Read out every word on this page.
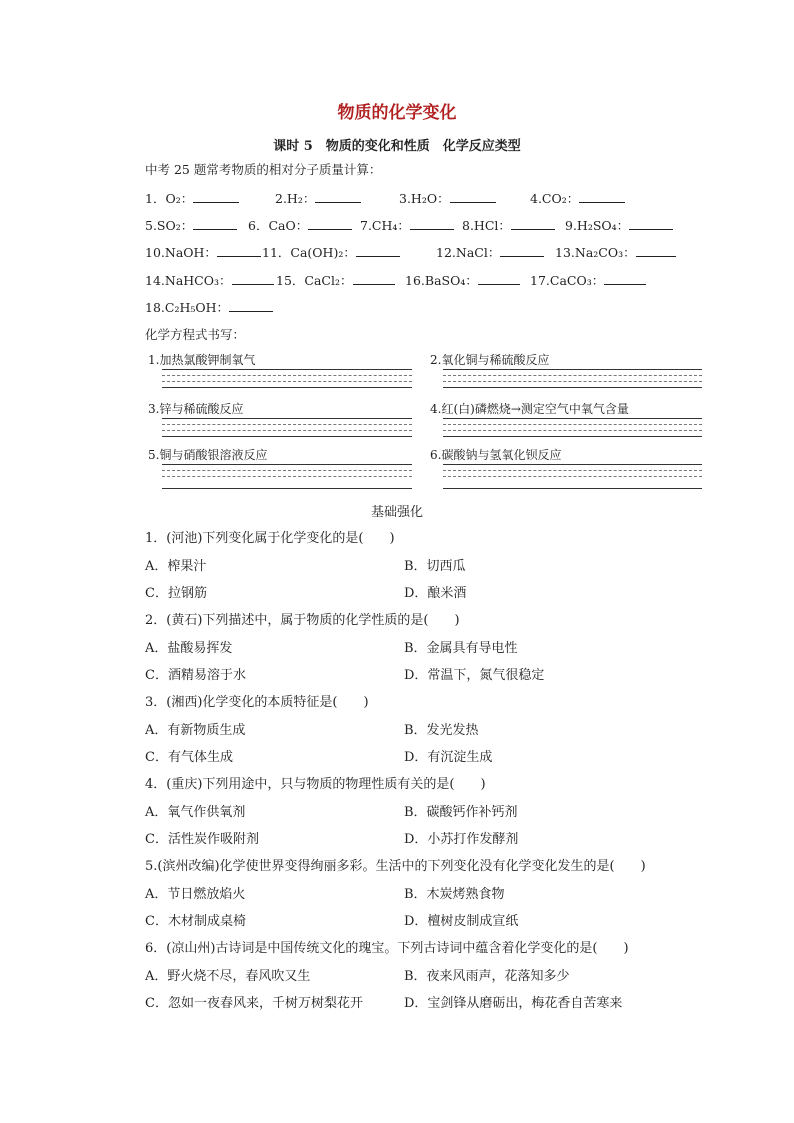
物质的化学变化
课时 5　物质的变化和性质　化学反应类型
中考 25 题常考物质的相对分子质量计算：
1．O₂：	2.H₂：	3.H₂O：	4.CO₂：
5.SO₂：	6．CaO：	7.CH₄：	8.HCl：	9.H₂SO₄：
10.NaOH：	11．Ca(OH)₂：	12.NaCl：	13.Na₂CO₃：
14.NaHCO₃：	15．CaCl₂：	16.BaSO₄：	17.CaCO₃：
18.C₂H₅OH：
化学方程式书写：
1.加热氯酸钾制氧气	2.氧化铜与稀硫酸反应
3.锌与稀硫酸反应	4.红(白)磷燃烧→测定空气中氧气含量
5.铜与硝酸银溶液反应	6.碳酸钠与氢氧化钡反应
基础强化
1．(河池)下列变化属于化学变化的是(　　)
A．榨果汁	B．切西瓜
C．拉钢筋	D．酿米酒
2．(黄石)下列描述中，属于物质的化学性质的是(　　)
A．盐酸易挥发	B．金属具有导电性
C．酒精易溶于水	D．常温下，氮气很稳定
3．(湘西)化学变化的本质特征是(　　)
A．有新物质生成	B．发光发热
C．有气体生成	D．有沉淀生成
4．(重庆)下列用途中，只与物质的物理性质有关的是(　　)
A．氧气作供氧剂	B．碳酸钙作补钙剂
C．活性炭作吸附剂	D．小苏打作发酵剂
5.(滨州改编)化学使世界变得绚丽多彩。生活中的下列变化没有化学变化发生的是(　　)
A．节日燃放焰火	B．木炭烤熟食物
C．木材制成桌椅	D．檀树皮制成宣纸
6．(凉山州)古诗词是中国传统文化的瑰宝。下列古诗词中蕴含着化学变化的是(　　)
A．野火烧不尽，春风吹又生	B．夜来风雨声，花落知多少
C．忽如一夜春风来，千树万树梨花开	D．宝剑锋从磨砺出，梅花香自苦寒来
